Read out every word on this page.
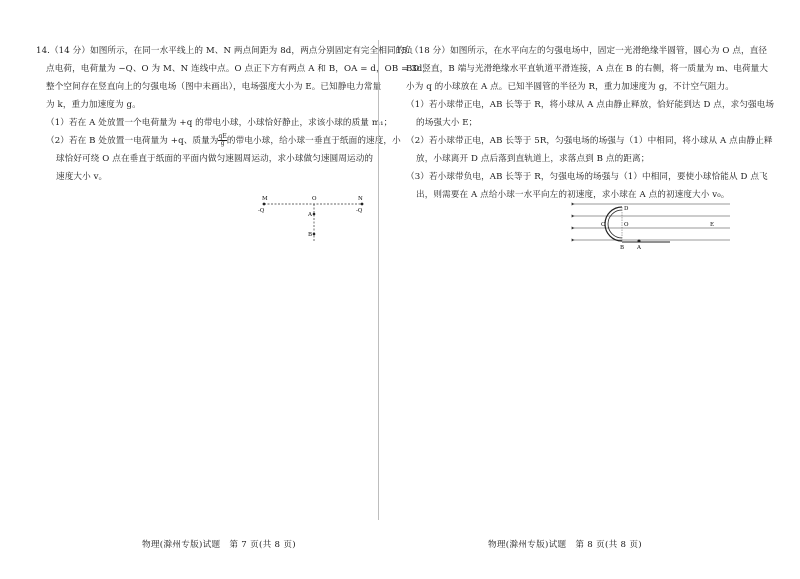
14.（14 分）如图所示，在同一水平线上的 M、N 两点间距为 8d，两点分别固定有完全相同的负

点电荷，电荷量为 −Q、O 为 M、N 连线中点。O 点正下方有两点 A 和 B，OA = d，OB = 3d，

整个空间存在竖直向上的匀强电场（图中未画出），电场强度大小为 E。已知静电力常量

为 k，重力加速度为 g。

（1）若在 A 处放置一个电荷量为 +q 的带电小球，小球恰好静止，求该小球的质量 m₁；

（2）若在 B 处放置一电荷量为 +q、质量为 $\frac{qE}{g}$ 的带电小球，给小球一垂直于纸面的速度，小

球恰好可绕 O 点在垂直于纸面的平面内做匀速圆周运动，求小球做匀速圆周运动的

速度大小 v。

M	N
O
-Q	-Q
A
B
物理(滁州专版)试题　第 7 页(共 8 页)

15.（18 分）如图所示，在水平向左的匀强电场中，固定一光滑绝缘半圆管，圆心为 O 点，直径

BD 竖直，B 端与光滑绝缘水平直轨道平滑连接，A 点在 B 的右侧，将一质量为 m、电荷量大

小为 q 的小球放在 A 点。已知半圆管的半径为 R，重力加速度为 g，不计空气阻力。

（1）若小球带正电，AB 长等于 R，将小球从 A 点由静止释放，恰好能到达 D 点，求匀强电场

的场强大小 E；

（2）若小球带正电，AB 长等于 5R，匀强电场的场强与（1）中相同，将小球从 A 点由静止释

放，小球离开 D 点后落到直轨道上，求落点到 B 点的距离；

（3）若小球带负电，AB 长等于 R，匀强电场的场强与（1）中相同，要使小球恰能从 D 点飞

出，则需要在 A 点给小球一水平向左的初速度，求小球在 A 点的初速度大小 v₀。

C
D
O	E
B A
物理(滁州专版)试题　第 8 页(共 8 页)
